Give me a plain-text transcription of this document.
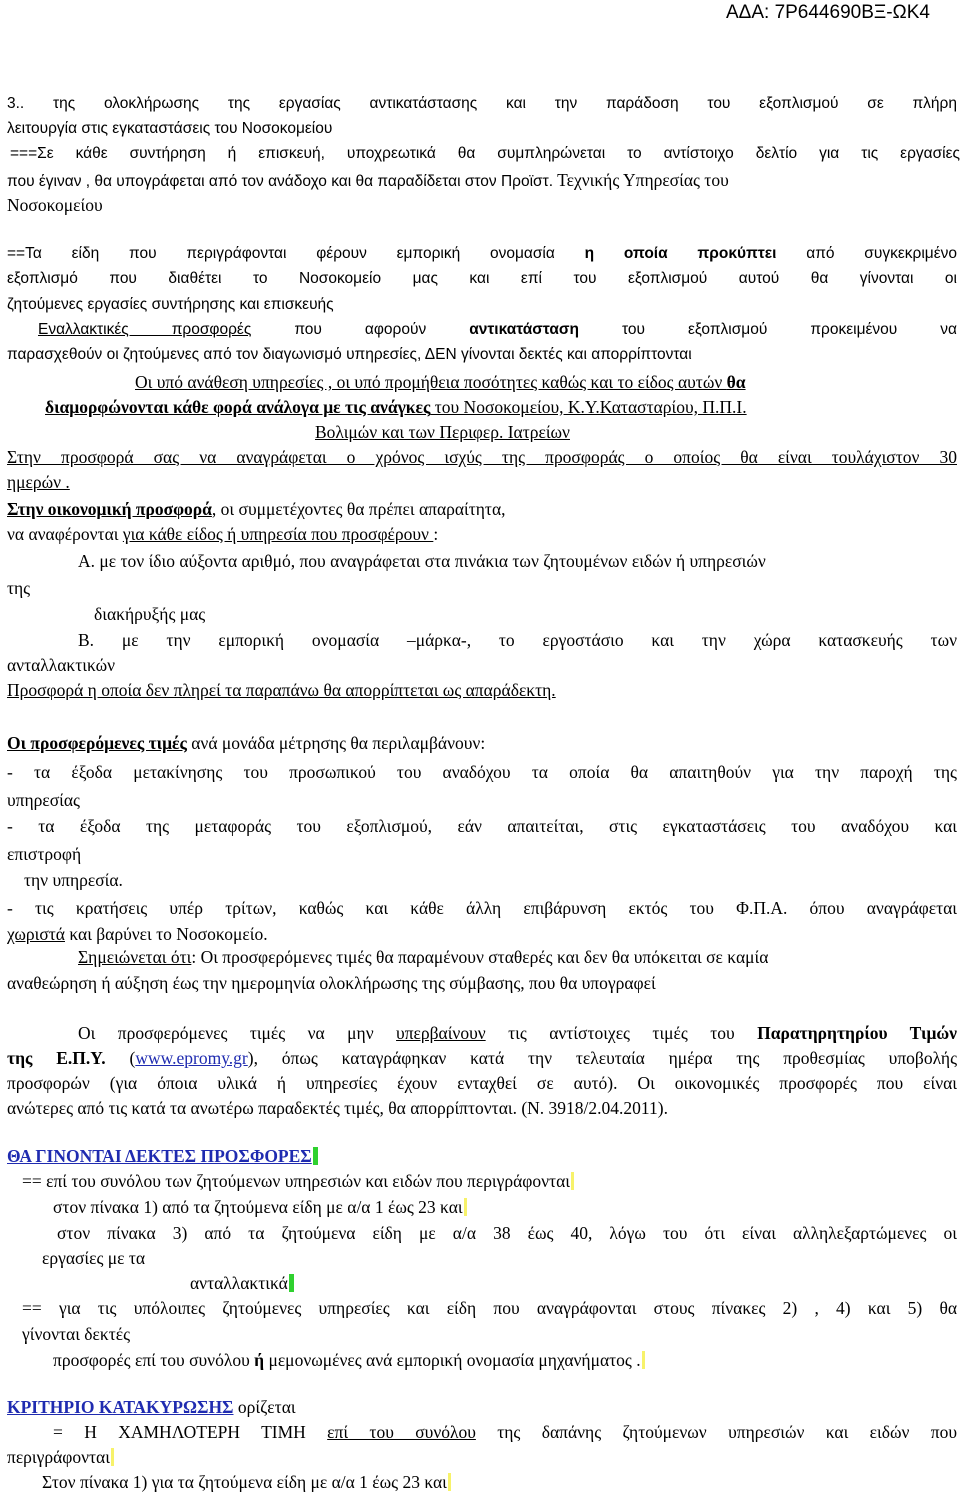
ΑΔΑ: 7Ρ644690ΒΞ-ΩΚ4
3.. της ολοκλήρωσης της εργασίας αντικατάστασης και την παράδοση του εξοπλισμού σε πλήρη
λειτουργία στις εγκαταστάσεις του Νοσοκομείου
===Σε κάθε συντήρηση ή επισκευή, υποχρεωτικά θα συμπληρώνεται το αντίστοιχο δελτίο για τις εργασίες
που έγιναν , θα υπογράφεται από τον ανάδοχο και θα παραδίδεται στον Προϊστ. Τεχνικής Υπηρεσίας του
Νοσοκομείου
==Τα είδη που περιγράφονται φέρουν εμπορική ονομασία η οποία προκύπτει από συγκεκριμένο
εξοπλισμό που διαθέτει το Νοσοκομείο μας και επί του εξοπλισμού αυτού θα γίνονται οι
ζητούμενες εργασίες συντήρησης και επισκευής
Εναλλακτικές προσφορές που αφορούν αντικατάσταση του εξοπλισμού προκειμένου να
παρασχεθούν οι ζητούμενες από τον διαγωνισμό υπηρεσίες, ΔΕΝ γίνονται δεκτές και απορρίπτονται
Οι υπό ανάθεση υπηρεσίες , οι υπό προμήθεια ποσότητες καθώς και το είδος αυτών θα
διαμορφώνονται κάθε φορά ανάλογα με τις ανάγκες του Νοσοκομείου, Κ.Υ.Κατασταρίου, Π.Π.Ι.
Βολιμών και των Περιφερ. Ιατρείων
Στην προσφορά σας να αναγράφεται ο χρόνος ισχύς της προσφοράς ο οποίος θα είναι τουλάχιστον 30
ημερών .
Στην οικονομική προσφορά, οι συμμετέχοντες θα πρέπει απαραίτητα,
να αναφέρονται για κάθε είδος ή υπηρεσία που προσφέρουν :
Α. με τον ίδιο αύξοντα αριθμό, που αναγράφεται στα πινάκια των ζητουμένων ειδών ή υπηρεσιών
της
διακήρυξής μας
Β. με την εμπορική ονομασία –μάρκα-, το εργοστάσιο και την χώρα κατασκευής των
ανταλλακτικών
Προσφορά η οποία δεν πληρεί τα παραπάνω θα απορρίπτεται ως απαράδεκτη.
Οι προσφερόμενες τιμές ανά μονάδα μέτρησης θα περιλαμβάνουν:
- τα έξοδα μετακίνησης του προσωπικού του αναδόχου τα οποία θα απαιτηθούν για την παροχή της
υπηρεσίας
- τα έξοδα της μεταφοράς του εξοπλισμού, εάν απαιτείται, στις εγκαταστάσεις του αναδόχου και
επιστροφή
την υπηρεσία.
- τις κρατήσεις υπέρ τρίτων, καθώς και κάθε άλλη επιβάρυνση εκτός του Φ.Π.Α. όπου αναγράφεται
χωριστά και βαρύνει το Νοσοκομείο.
Σημειώνεται ότι: Οι προσφερόμενες τιμές θα παραμένουν σταθερές και δεν θα υπόκειται σε καμία
αναθεώρηση ή αύξηση έως την ημερομηνία ολοκλήρωσης της σύμβασης, που θα υπογραφεί
Οι προσφερόμενες τιμές να μην υπερβαίνουν τις αντίστοιχες τιμές του Παρατηρητηρίου Τιμών
της Ε.Π.Υ. (www.epromy.gr), όπως καταγράφηκαν κατά την τελευταία ημέρα της προθεσμίας υποβολής
προσφορών (για όποια υλικά ή υπηρεσίες έχουν ενταχθεί σε αυτό). Οι οικονομικές προσφορές που είναι
ανώτερες από τις κατά τα ανωτέρω παραδεκτές τιμές, θα απορρίπτονται. (Ν. 3918/2.04.2011).
ΘΑ ΓΙΝΟΝΤΑΙ ΔΕΚΤΕΣ ΠΡΟΣΦΟΡΕΣ
== επί του συνόλου των ζητούμενων υπηρεσιών και ειδών που περιγράφονται
στον πίνακα 1) από τα ζητούμενα είδη με α/α 1 έως 23 και
στον πίνακα 3) από τα ζητούμενα είδη με α/α 38 έως 40, λόγω του ότι είναι αλληλεξαρτώμενες οι
εργασίες με τα
ανταλλακτικά
== για τις υπόλοιπες ζητούμενες υπηρεσίες και είδη που αναγράφονται στους πίνακες 2) , 4) και 5) θα
γίνονται δεκτές
προσφορές επί του συνόλου ή μεμονωμένες ανά εμπορική ονομασία μηχανήματος .
ΚΡΙΤΗΡΙΟ ΚΑΤΑΚΥΡΩΣΗΣ ορίζεται
= Η ΧΑΜΗΛΟΤΕΡΗ ΤΙΜΗ επί του συνόλου της δαπάνης ζητούμενων υπηρεσιών και ειδών που
περιγράφονται
Στον πίνακα 1) για τα ζητούμενα είδη με α/α 1 έως 23 και
